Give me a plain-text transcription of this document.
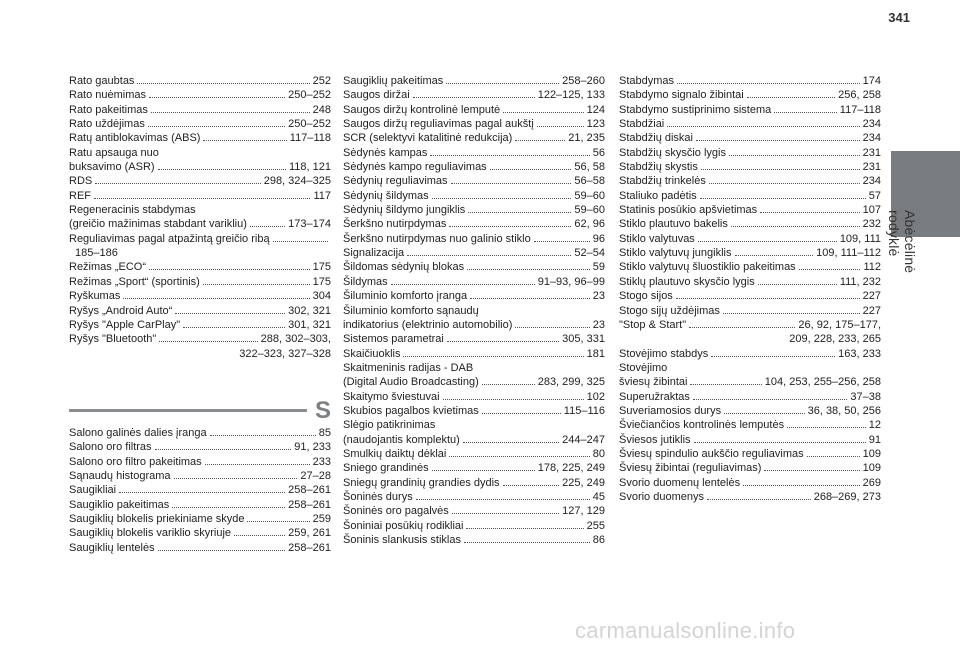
341
Abėcėlinė rodyklė
Rato gaubtas	252
Rato nuėmimas	250–252
Rato pakeitimas	248
Rato uždėjimas	250–252
Ratų antiblokavimas (ABS)	117–118
Ratu apsauga nuo
buksavimo (ASR)	118, 121
RDS	298, 324–325
REF	117
Regeneracinis stabdymas
(greičio mažinimas stabdant varikliu)	173–174
Reguliavimas pagal atpažintą greičio ribą
185–186
Režimas „ECO“	175
Režimas „Sport“ (sportinis)	175
Ryškumas	304
Ryšys „Android Auto“	302, 321
Ryšys "Apple CarPlay"	301, 321
Ryšys "Bluetooth"	288, 302–303,
322–323, 327–328
S
Salono galinės dalies įranga	85
Salono oro filtras	91, 233
Salono oro filtro pakeitimas	233
Sąnaudų histograma	27–28
Saugikliai	258–261
Saugiklio pakeitimas	258–261
Saugiklių blokelis priekiniame skyde	259
Saugiklių blokelis variklio skyriuje	259, 261
Saugiklių lentelės	258–261
Saugiklių pakeitimas	258–260
Saugos diržai	122–125, 133
Saugos diržų kontrolinė lemputė	124
Saugos diržų reguliavimas pagal aukštį	123
SCR (selektyvi katalitinė redukcija)	21, 235
Sėdynės kampas	56
Sėdynės kampo reguliavimas	56, 58
Sėdynių reguliavimas	56–58
Sėdynių šildymas	59–60
Sėdynių šildymo jungiklis	59–60
Šerkšno nutirpdymas	62, 96
Šerkšno nutirpdymas nuo galinio stiklo	96
Signalizacija	52–54
Šildomas sėdynių blokas	59
Šildymas	91–93, 96–99
Šiluminio komforto įranga	23
Šiluminio komforto sąnaudų
indikatorius (elektrinio automobilio)	23
Sistemos parametrai	305, 331
Skaičiuoklis	181
Skaitmeninis radijas - DAB
(Digital Audio Broadcasting)	283, 299, 325
Skaitymo šviestuvai	102
Skubios pagalbos kvietimas	115–116
Slėgio patikrinimas
(naudojantis komplektu)	244–247
Smulkių daiktų dėklai	80
Sniego grandinės	178, 225, 249
Sniegų grandinių grandies dydis	225, 249
Šoninės durys	45
Šoninės oro pagalvės	127, 129
Šoniniai posūkių rodikliai	255
Šoninis slankusis stiklas	86
Stabdymas	174
Stabdymo signalo žibintai	256, 258
Stabdymo sustiprinimo sistema	117–118
Stabdžiai	234
Stabdžių diskai	234
Stabdžių skysčio lygis	231
Stabdžių skystis	231
Stabdžių trinkelės	234
Staliuko padėtis	57
Statinis posūkio apšvietimas	107
Stiklo plautuvo bakelis	232
Stiklo valytuvas	109, 111
Stiklo valytuvų jungiklis	109, 111–112
Stiklo valytuvų šluostiklio pakeitimas	112
Stiklų plautuvo skysčio lygis	111, 232
Stogo sijos	227
Stogo sijų uždėjimas	227
"Stop & Start"	26, 92, 175–177,
209, 228, 233, 265
Stovėjimo stabdys	163, 233
Stovėjimo
šviesų žibintai	104, 253, 255–256, 258
Superužraktas	37–38
Suveriamosios durys	36, 38, 50, 256
Šviečiančios kontrolinės lemputės	12
Šviesos jutiklis	91
Šviesų spindulio aukščio reguliavimas	109
Šviesų žibintai (reguliavimas)	109
Svorio duomenų lentelės	269
Svorio duomenys	268–269, 273
carmanualsonline.info
